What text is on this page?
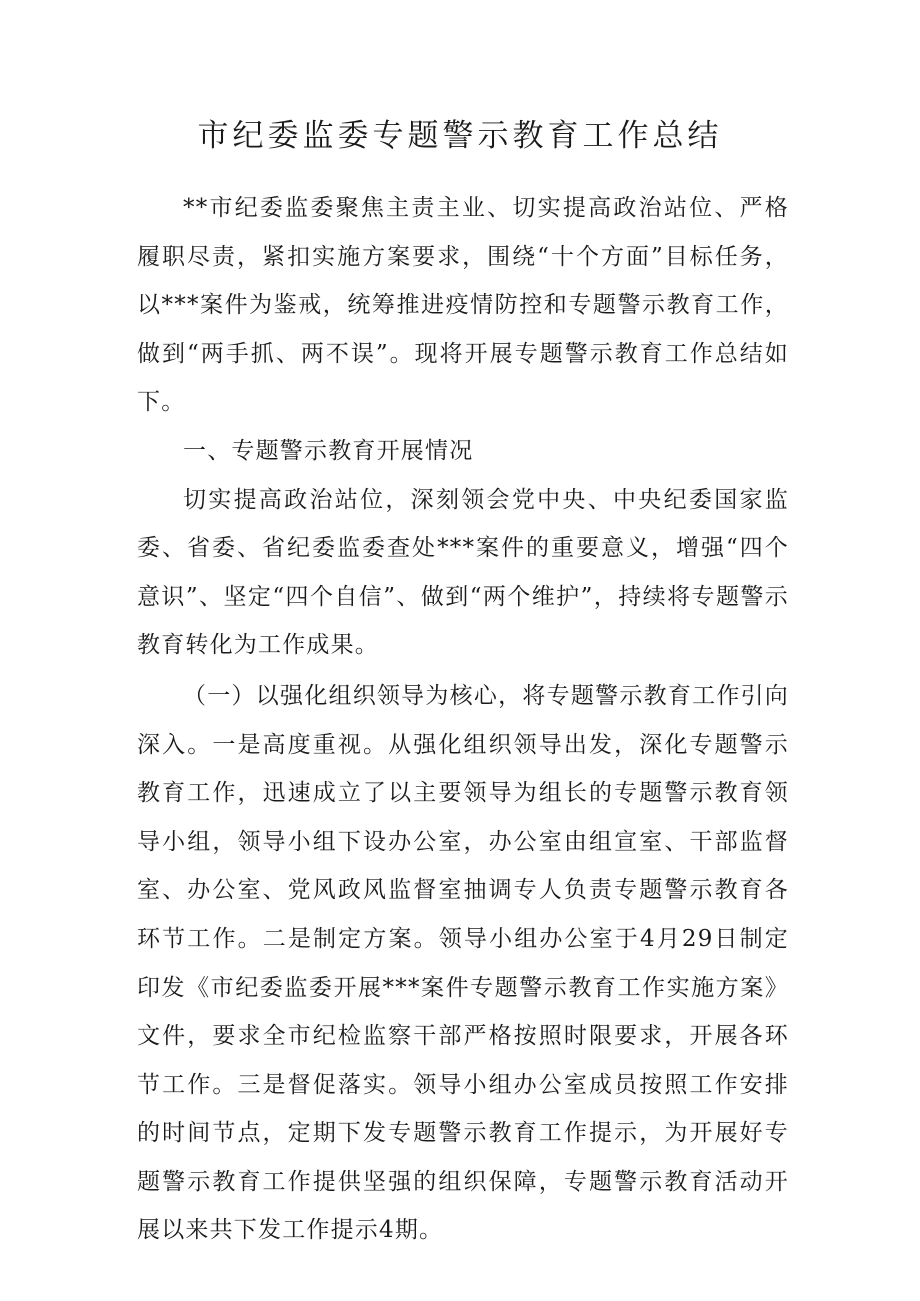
市纪委监委专题警示教育工作总结

**市纪委监委聚焦主责主业、切实提高政治站位、严格履职尽责，紧扣实施方案要求，围绕“十个方面”目标任务，以***案件为鉴戒，统筹推进疫情防控和专题警示教育工作，做到“两手抓、两不误”。现将开展专题警示教育工作总结如下。

一、专题警示教育开展情况

切实提高政治站位，深刻领会党中央、中央纪委国家监委、省委、省纪委监委查处***案件的重要意义，增强“四个意识”、坚定“四个自信”、做到“两个维护”，持续将专题警示教育转化为工作成果。

（一）以强化组织领导为核心，将专题警示教育工作引向深入。一是高度重视。从强化组织领导出发，深化专题警示教育工作，迅速成立了以主要领导为组长的专题警示教育领导小组，领导小组下设办公室，办公室由组宣室、干部监督室、办公室、党风政风监督室抽调专人负责专题警示教育各环节工作。二是制定方案。领导小组办公室于4月29日制定印发《市纪委监委开展***案件专题警示教育工作实施方案》文件，要求全市纪检监察干部严格按照时限要求，开展各环节工作。三是督促落实。领导小组办公室成员按照工作安排的时间节点，定期下发专题警示教育工作提示，为开展好专题警示教育工作提供坚强的组织保障，专题警示教育活动开展以来共下发工作提示4期。
